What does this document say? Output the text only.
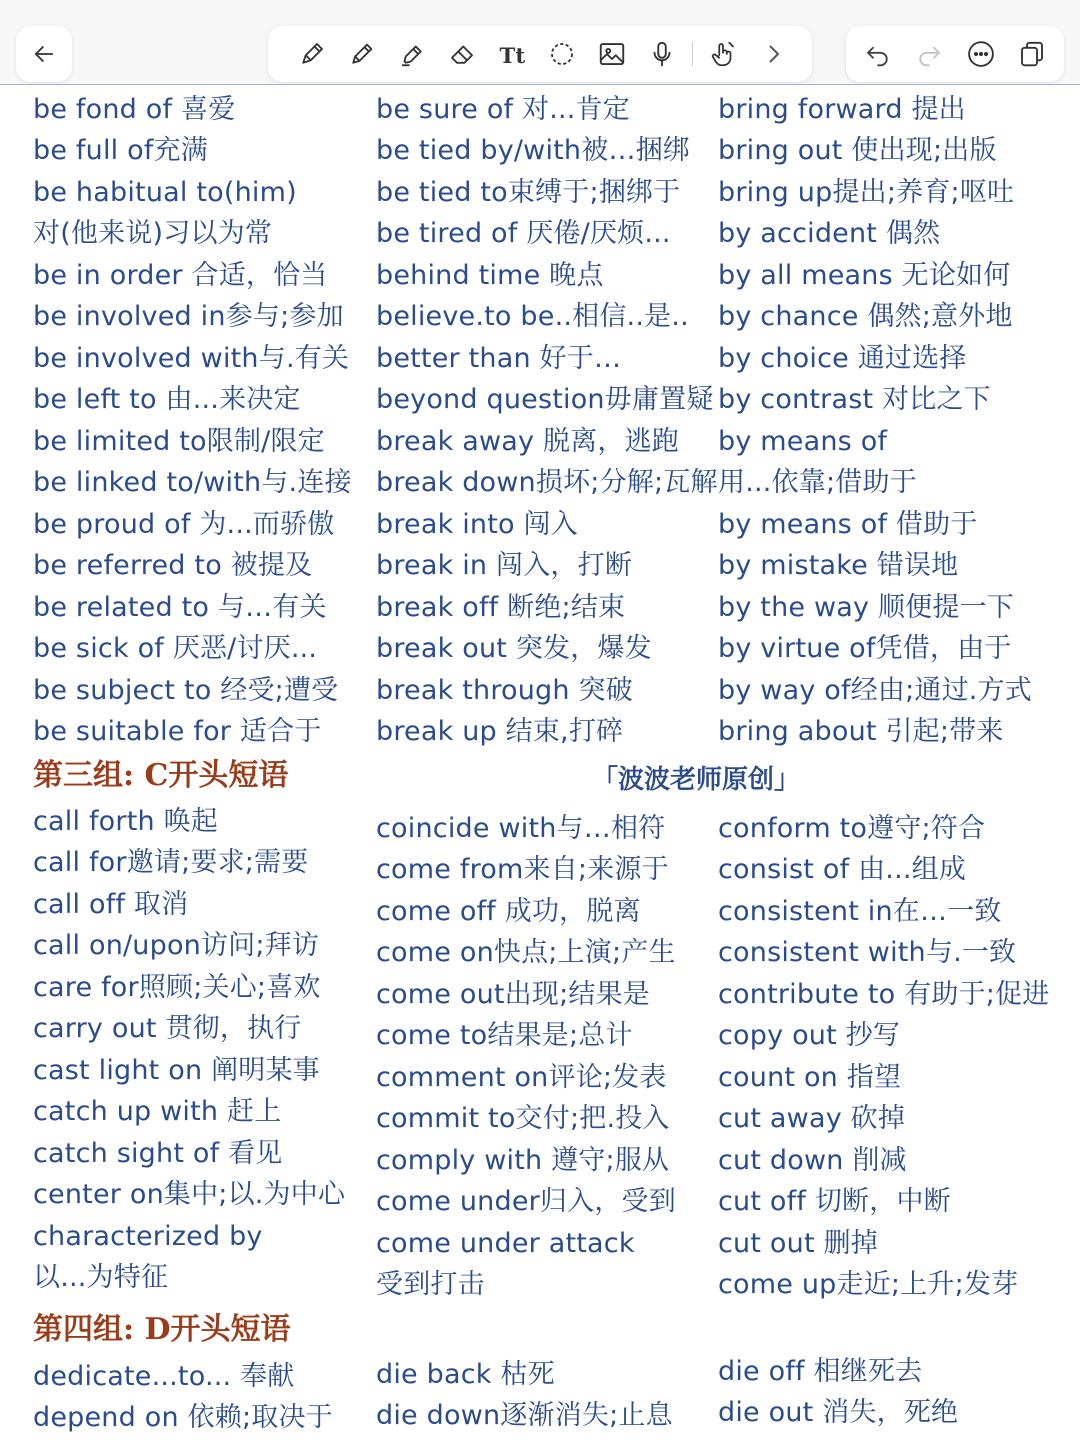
Tt
be fond of 喜爱
be full of充满
be habitual to(him)
对(他来说)习以为常
be in order 合适，恰当
be involved in参与;参加
be involved with与.有关
be left to 由...来决定
be limited to限制/限定
be linked to/with与.连接
be proud of 为...而骄傲
be referred to 被提及
be related to 与…有关
be sick of 厌恶/讨厌...
be subject to 经受;遭受
be suitable for 适合于
be sure of 对...肯定
be tied by/with被…捆绑
be tied to束缚于;捆绑于
be tired of 厌倦/厌烦...
behind time 晚点
believe.to be..相信..是..
better than 好于…
beyond question毋庸置疑
break away 脱离，逃跑
break down损坏;分解;瓦解
break into 闯入
break in 闯入，打断
break off 断绝;结束
break out 突发，爆发
break through 突破
break up 结束,打碎
bring forward 提出
bring out 使出现;出版
bring up提出;养育;呕吐
by accident 偶然
by all means 无论如何
by chance 偶然;意外地
by choice 通过选择
by contrast 对比之下
by means of
用...依靠;借助于
by means of 借助于
by mistake 错误地
by the way 顺便提一下
by virtue of凭借，由于
by way of经由;通过.方式
bring about 引起;带来
第三组: C开头短语	「波波老师原创」
call forth 唤起
call for邀请;要求;需要
call off 取消
call on/upon访问;拜访
care for照顾;关心;喜欢
carry out 贯彻，执行
cast light on 阐明某事
catch up with 赶上
catch sight of 看见
center on集中;以.为中心
characterized by
以...为特征
coincide with与…相符
come from来自;来源于
come off 成功，脱离
come on快点;上演;产生
come out出现;结果是
come to结果是;总计
comment on评论;发表
commit to交付;把.投入
comply with 遵守;服从
come under归入，受到
come under attack
受到打击
conform to遵守;符合
consist of 由...组成
consistent in在…一致
consistent with与.一致
contribute to 有助于;促进
copy out 抄写
count on 指望
cut away 砍掉
cut down 削减
cut off 切断，中断
cut out 删掉
come up走近;上升;发芽
第四组: D开头短语
dedicate...to... 奉献
depend on 依赖;取决于
die back 枯死
die down逐渐消失;止息
die off 相继死去
die out 消失，死绝
